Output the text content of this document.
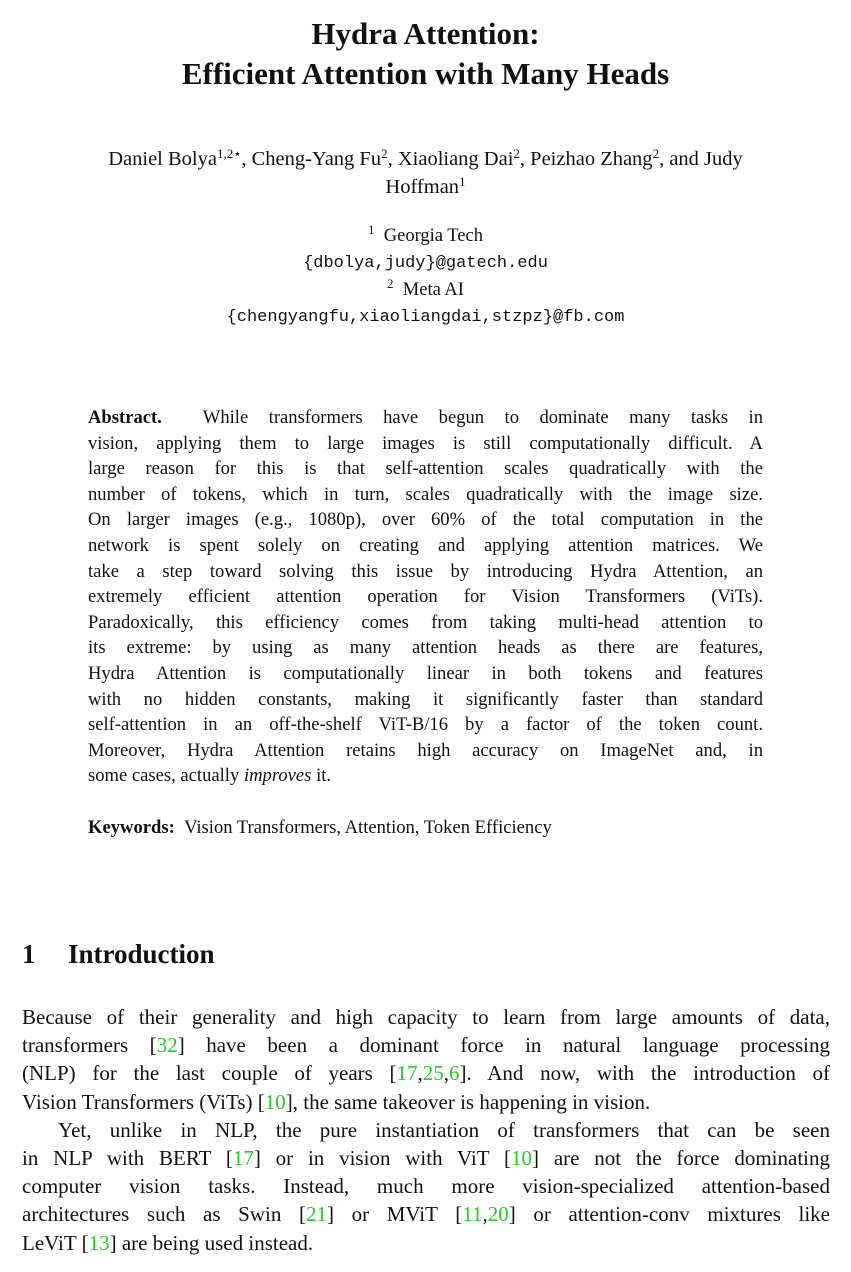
Hydra Attention:
Efficient Attention with Many Heads
Daniel Bolya$^{1,2⋆}$, Cheng-Yang Fu$^2$, Xiaoliang Dai$^2$, Peizhao Zhang$^2$, and Judy
Hoffman$^1$
$^1$ Georgia Tech
{dbolya,judy}@gatech.edu
$^2$ Meta AI
{chengyangfu,xiaoliangdai,stzpz}@fb.com
Abstract. While transformers have begun to dominate many tasks in
vision, applying them to large images is still computationally difficult. A
large reason for this is that self-attention scales quadratically with the
number of tokens, which in turn, scales quadratically with the image size.
On larger images (e.g., 1080p), over 60% of the total computation in the
network is spent solely on creating and applying attention matrices. We
take a step toward solving this issue by introducing Hydra Attention, an
extremely efficient attention operation for Vision Transformers (ViTs).
Paradoxically, this efficiency comes from taking multi-head attention to
its extreme: by using as many attention heads as there are features,
Hydra Attention is computationally linear in both tokens and features
with no hidden constants, making it significantly faster than standard
self-attention in an off-the-shelf ViT-B/16 by a factor of the token count.
Moreover, Hydra Attention retains high accuracy on ImageNet and, in
some cases, actually improves it.
Keywords: Vision Transformers, Attention, Token Efficiency
1 Introduction
Because of their generality and high capacity to learn from large amounts of data,
transformers [32] have been a dominant force in natural language processing
(NLP) for the last couple of years [17,25,6]. And now, with the introduction of
Vision Transformers (ViTs) [10], the same takeover is happening in vision.
Yet, unlike in NLP, the pure instantiation of transformers that can be seen
in NLP with BERT [17] or in vision with ViT [10] are not the force dominating
computer vision tasks. Instead, much more vision-specialized attention-based
architectures such as Swin [21] or MViT [11,20] or attention-conv mixtures like
LeViT [13] are being used instead.
